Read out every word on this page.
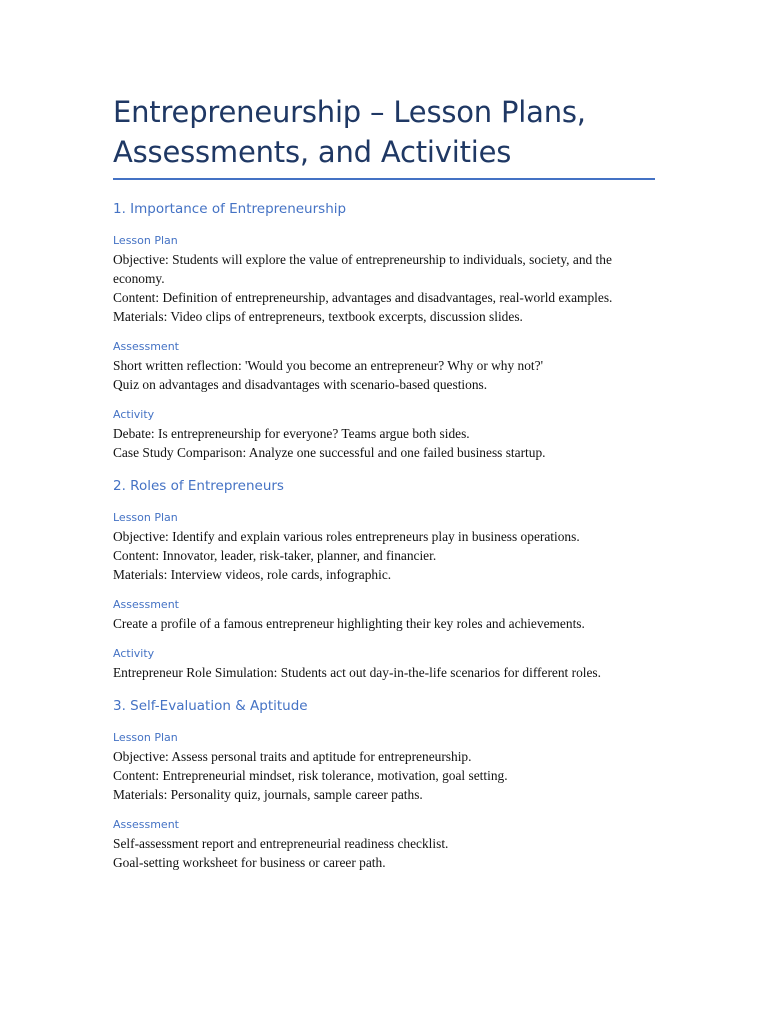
Entrepreneurship – Lesson Plans, Assessments, and Activities
1. Importance of Entrepreneurship
Lesson Plan

Objective: Students will explore the value of entrepreneurship to individuals, society, and the economy.

Content: Definition of entrepreneurship, advantages and disadvantages, real-world examples.

Materials: Video clips of entrepreneurs, textbook excerpts, discussion slides.

Assessment

Short written reflection: 'Would you become an entrepreneur? Why or why not?'

Quiz on advantages and disadvantages with scenario-based questions.

Activity

Debate: Is entrepreneurship for everyone? Teams argue both sides.

Case Study Comparison: Analyze one successful and one failed business startup.

2. Roles of Entrepreneurs
Lesson Plan

Objective: Identify and explain various roles entrepreneurs play in business operations.

Content: Innovator, leader, risk-taker, planner, and financier.

Materials: Interview videos, role cards, infographic.

Assessment

Create a profile of a famous entrepreneur highlighting their key roles and achievements.

Activity

Entrepreneur Role Simulation: Students act out day-in-the-life scenarios for different roles.

3. Self-Evaluation & Aptitude
Lesson Plan

Objective: Assess personal traits and aptitude for entrepreneurship.

Content: Entrepreneurial mindset, risk tolerance, motivation, goal setting.

Materials: Personality quiz, journals, sample career paths.

Assessment

Self-assessment report and entrepreneurial readiness checklist.

Goal-setting worksheet for business or career path.
